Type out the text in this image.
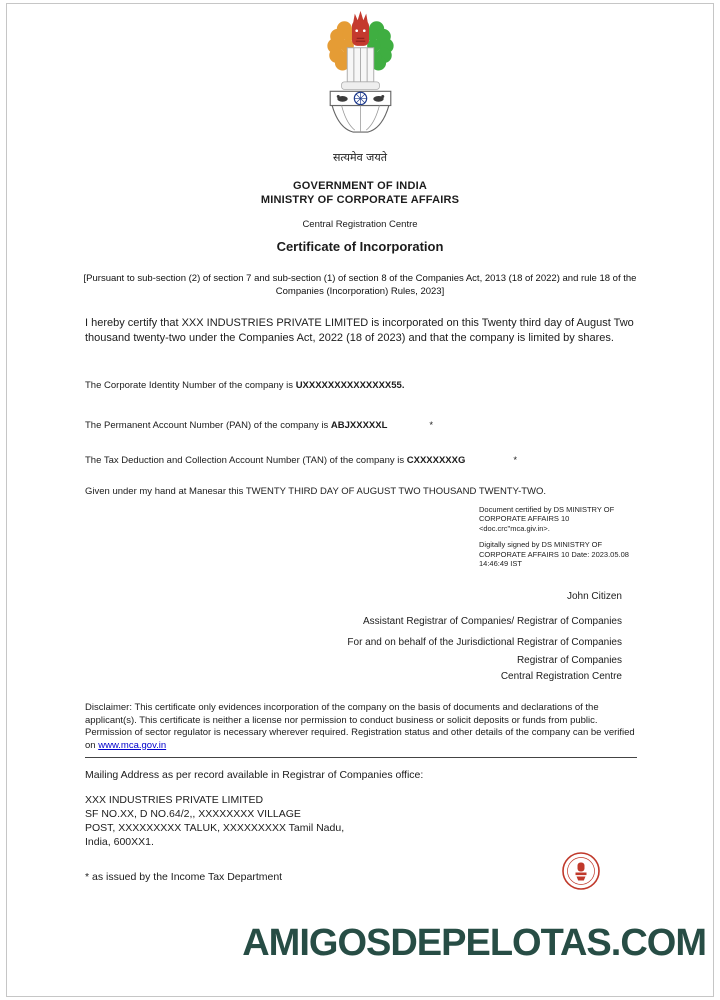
सत्यमेव जयते
GOVERNMENT OF INDIA
MINISTRY OF CORPORATE AFFAIRS
Central Registration Centre
Certificate of Incorporation
[Pursuant to sub-section (2) of section 7 and sub-section (1) of section 8 of the Companies Act, 2013 (18 of 2022) and rule 18 of the Companies (Incorporation) Rules, 2023]
I hereby certify that XXX INDUSTRIES PRIVATE LIMITED is incorporated on this Twenty third day of August Two thousand twenty-two under the Companies Act, 2022 (18 of 2023) and that the company is limited by shares.
The Corporate Identity Number of the company is UXXXXXXXXXXXXXX55.
The Permanent Account Number (PAN) of the company is ABJXXXXXL	*
The Tax Deduction and Collection Account Number (TAN) of the company is CXXXXXXXG	*
Given under my hand at Manesar this TWENTY THIRD DAY OF AUGUST TWO THOUSAND TWENTY-TWO.
Document certified by DS MINISTRY OF CORPORATE AFFAIRS 10 <doc.crc"mca.giv.in>.
Digitally signed by DS MINISTRY OF CORPORATE AFFAIRS 10 Date: 2023.05.08 14:46:49 IST
John Citizen
Assistant Registrar of Companies/ Registrar of Companies
For and on behalf of the Jurisdictional Registrar of Companies
Registrar of Companies
Central Registration Centre
Disclaimer: This certificate only evidences incorporation of the company on the basis of documents and declarations of the applicant(s). This certificate is neither a license nor permission to conduct business or solicit deposits or funds from public. Permission of sector regulator is necessary wherever required. Registration status and other details of the company can be verified on www.mca.gov.in
Mailing Address as per record available in Registrar of Companies office:
XXX INDUSTRIES PRIVATE LIMITED
SF NO.XX, D NO.64/2,, XXXXXXXX VILLAGE
POST, XXXXXXXXX TALUK, XXXXXXXXX Tamil Nadu,
India, 600XX1.
* as issued by the Income Tax Department
AMIGOSDEPELOTAS.COM
